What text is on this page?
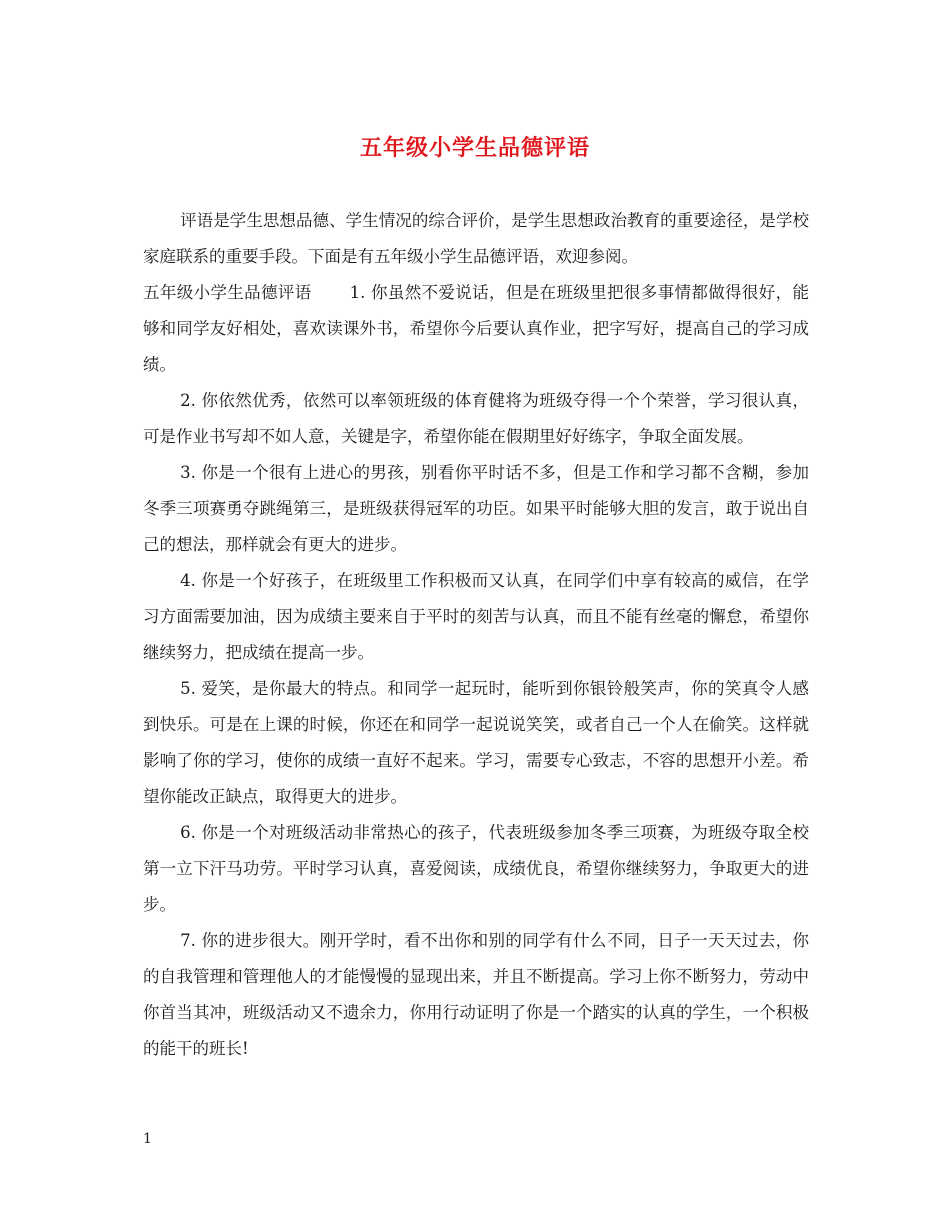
五年级小学生品德评语

评语是学生思想品德、学生情况的综合评价，是学生思想政治教育的重要途径，是学校家庭联系的重要手段。下面是有五年级小学生品德评语，欢迎参阅。

五年级小学生品德评语 1. 你虽然不爱说话，但是在班级里把很多事情都做得很好，能够和同学友好相处，喜欢读课外书，希望你今后要认真作业，把字写好，提高自己的学习成绩。

2. 你依然优秀，依然可以率领班级的体育健将为班级夺得一个个荣誉，学习很认真，可是作业书写却不如人意，关键是字，希望你能在假期里好好练字，争取全面发展。

3. 你是一个很有上进心的男孩，别看你平时话不多，但是工作和学习都不含糊，参加冬季三项赛勇夺跳绳第三，是班级获得冠军的功臣。如果平时能够大胆的发言，敢于说出自己的想法，那样就会有更大的进步。

4. 你是一个好孩子，在班级里工作积极而又认真，在同学们中享有较高的威信，在学习方面需要加油，因为成绩主要来自于平时的刻苦与认真，而且不能有丝毫的懈怠，希望你继续努力，把成绩在提高一步。

5. 爱笑，是你最大的特点。和同学一起玩时，能听到你银铃般笑声，你的笑真令人感到快乐。可是在上课的时候，你还在和同学一起说说笑笑，或者自己一个人在偷笑。这样就影响了你的学习，使你的成绩一直好不起来。学习，需要专心致志，不容的思想开小差。希望你能改正缺点，取得更大的进步。

6. 你是一个对班级活动非常热心的孩子，代表班级参加冬季三项赛，为班级夺取全校第一立下汗马功劳。平时学习认真，喜爱阅读，成绩优良，希望你继续努力，争取更大的进步。

7. 你的进步很大。刚开学时，看不出你和别的同学有什么不同，日子一天天过去，你的自我管理和管理他人的才能慢慢的显现出来，并且不断提高。学习上你不断努力，劳动中你首当其冲，班级活动又不遗余力，你用行动证明了你是一个踏实的认真的学生，一个积极的能干的班长!

1
